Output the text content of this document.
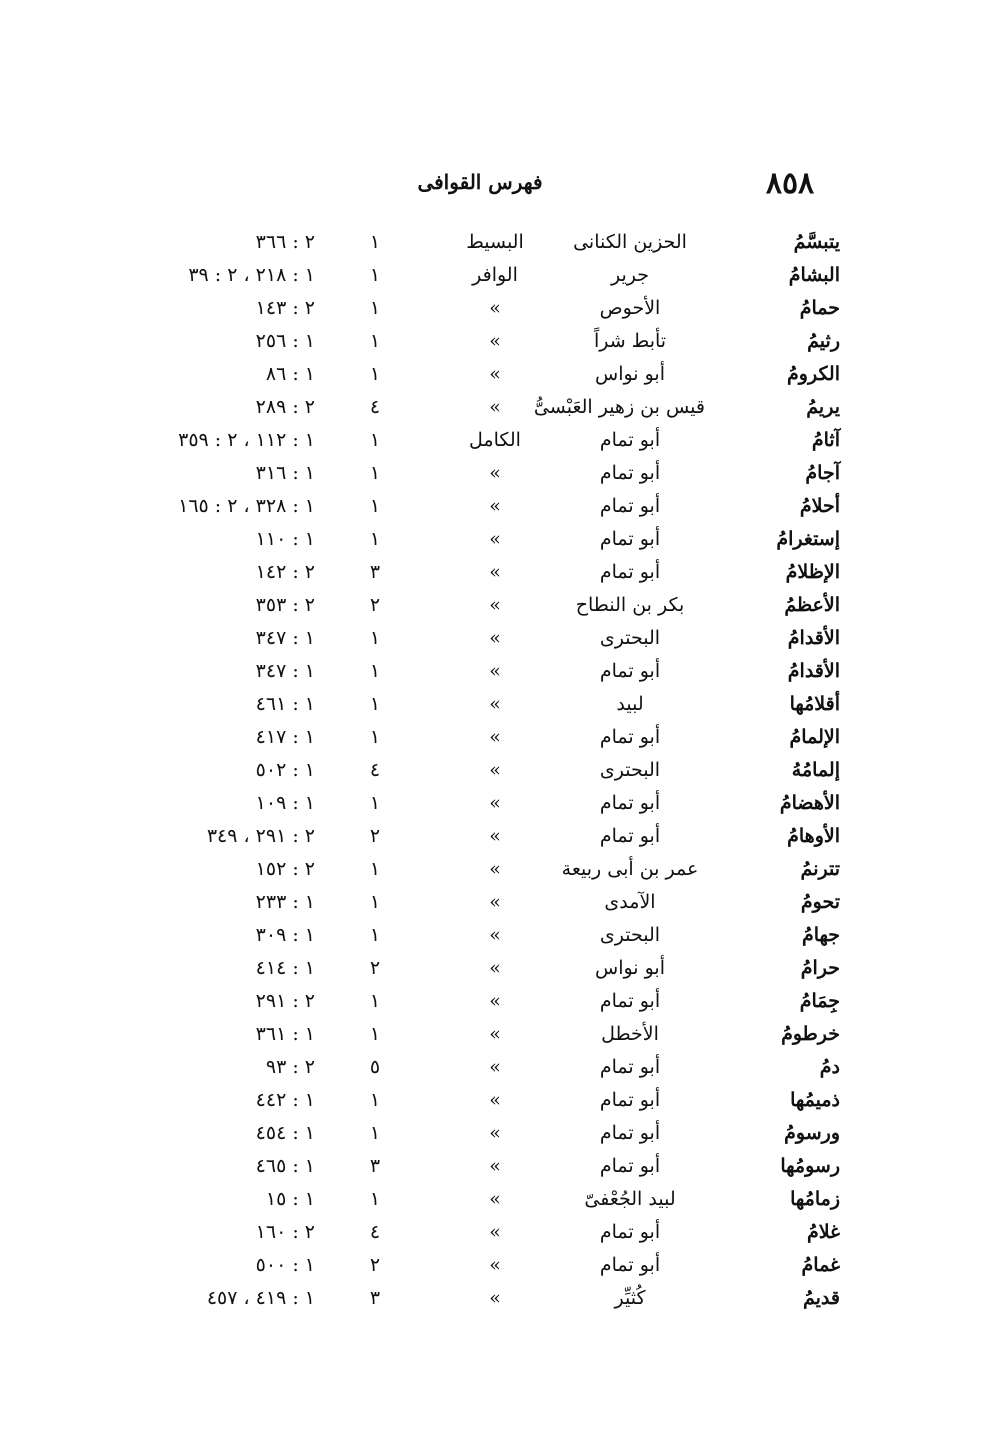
٨٥٨
فهرس القوافى
يتبسَّمُ
الحزين الكنانى
البسيط
١
٢ : ٣٦٦
البشامُ
جرير
الوافر
١
١ : ٢١٨ ، ٢ : ٣٩
حمامُ
الأحوص
»
١
٢ : ١٤٣
رثيمُ
تأبط شراً
»
١
١ : ٢٥٦
الكرومُ
أبو نواس
»
١
١ : ٨٦
يريمُ
قيس بن زهير العَبْسىُّ
»
٤
٢ : ٢٨٩
آثامُ
أبو تمام
الكامل
١
١ : ١١٢ ، ٢ : ٣٥٩
آجامُ
أبو تمام
»
١
١ : ٣١٦
أحلامُ
أبو تمام
»
١
١ : ٣٢٨ ، ٢ : ١٦٥
إستغرامُ
أبو تمام
»
١
١ : ١١٠
الإظلامُ
أبو تمام
»
٣
٢ : ١٤٢
الأعظمُ
بكر بن النطاح
»
٢
٢ : ٣٥٣
الأقدامُ
البحترى
»
١
١ : ٣٤٧
الأقدامُ
أبو تمام
»
١
١ : ٣٤٧
أقلامُها
لبيد
»
١
١ : ٤٦١
الإلمامُ
أبو تمام
»
١
١ : ٤١٧
إلمامُهُ
البحترى
»
٤
١ : ٥٠٢
الأهضامُ
أبو تمام
»
١
١ : ١٠٩
الأوهامُ
أبو تمام
»
٢
٢ : ٢٩١ ، ٣٤٩
تترنمُ
عمر بن أبى ربيعة
»
١
٢ : ١٥٢
تحومُ
الآمدى
»
١
١ : ٢٣٣
جهامُ
البحترى
»
١
١ : ٣٠٩
حرامُ
أبو نواس
»
٢
١ : ٤١٤
جِمَامُ
أبو تمام
»
١
٢ : ٢٩١
خرطومُ
الأخطل
»
١
١ : ٣٦١
دمُ
أبو تمام
»
٥
٢ : ٩٣
ذميمُها
أبو تمام
»
١
١ : ٤٤٢
ورسومُ
أبو تمام
»
١
١ : ٤٥٤
رسومُها
أبو تمام
»
٣
١ : ٤٦٥
زمامُها
لبيد الجُعْفىّ
»
١
١ : ١٥
غلامُ
أبو تمام
»
٤
٢ : ١٦٠
غمامُ
أبو تمام
»
٢
١ : ٥٠٠
قديمُ
كُثيِّر
»
٣
١ : ٤١٩ ، ٤٥٧
